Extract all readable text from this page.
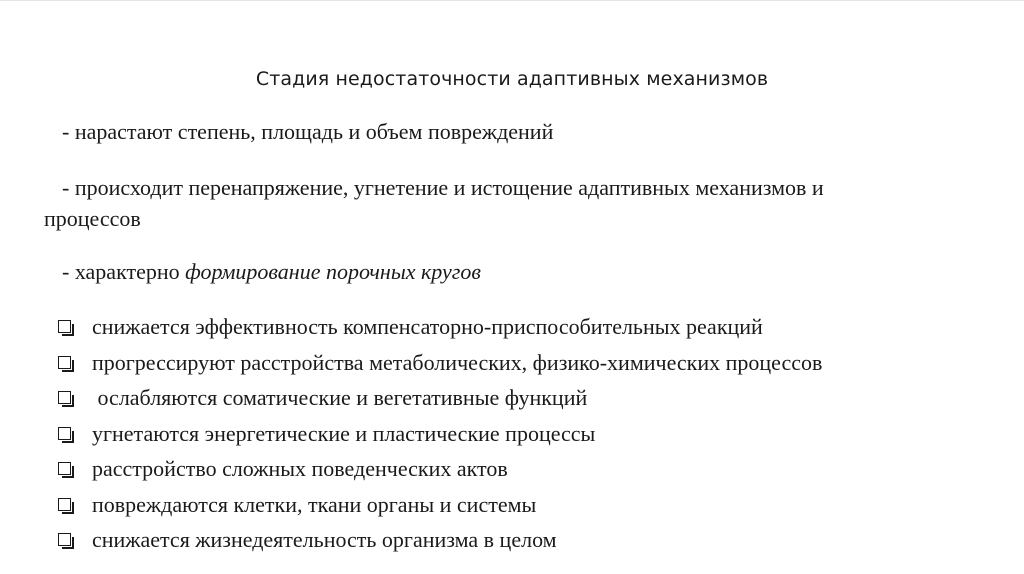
Стадия недостаточности адаптивных механизмов
- нарастают степень, площадь и объем повреждений
- происходит перенапряжение, угнетение и истощение адаптивных механизмов и
процессов
- характерно формирование порочных кругов
снижается эффективность компенсаторно-приспособительных реакций
прогрессируют расстройства метаболических, физико-химических процессов
ослабляются соматические и вегетативные функций
угнетаются энергетические и пластические процессы
расстройство сложных поведенческих актов
повреждаются клетки, ткани органы и системы
снижается жизнедеятельность организма в целом
